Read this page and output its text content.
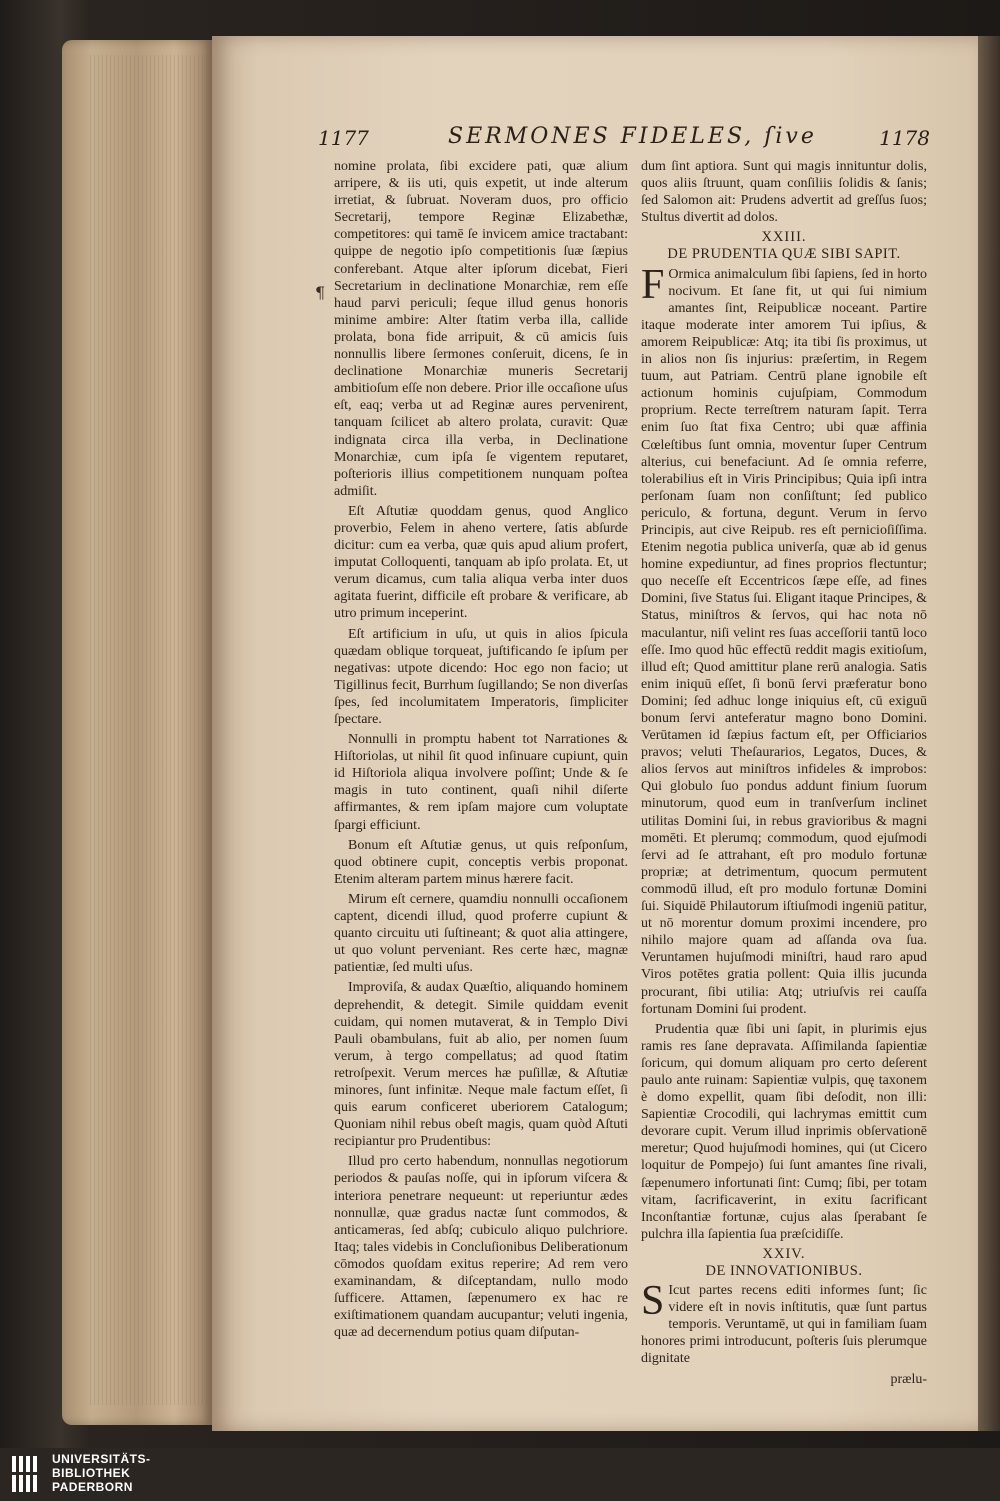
1177	SERMONES FIDELES, ſive	1178
¶

nomine prolata, ſibi excidere pati, quæ alium arripere, & iis uti, quis expetit, ut inde alterum irretiat, & ſubruat. Noveram duos, pro officio Secretarij, tempore Reginæ Elizabethæ, competitores: qui tamē ſe invicem amice tractabant: quippe de negotio ipſo competitionis ſuæ ſæpius conferebant. Atque alter ipſorum dicebat, Fieri Secretarium in declinatione Monarchiæ, rem eſſe haud parvi periculi; ſeque illud genus honoris minime ambire: Alter ſtatim verba illa, callide prolata, bona fide arripuit, & cū amicis ſuis nonnullis libere ſermones conſeruit, dicens, ſe in declinatione Monarchiæ muneris Secretarij ambitioſum eſſe non debere. Prior ille occaſione uſus eſt, eaq; verba ut ad Reginæ aures pervenirent, tanquam ſcilicet ab altero prolata, curavit: Quæ indignata circa illa verba, in Declinatione Monarchiæ, cum ipſa ſe vigentem reputaret, poſterioris illius competitionem nunquam poſtea admiſit.

Eſt Aſtutiæ quoddam genus, quod Anglico proverbio, Felem in aheno vertere, ſatis abſurde dicitur: cum ea verba, quæ quis apud alium profert, imputat Colloquenti, tanquam ab ipſo prolata. Et, ut verum dicamus, cum talia aliqua verba inter duos agitata fuerint, difficile eſt probare & verificare, ab utro primum inceperint.

Eſt artificium in uſu, ut quis in alios ſpicula quædam oblique torqueat, juſtificando ſe ipſum per negativas: utpote dicendo: Hoc ego non facio; ut Tigillinus fecit, Burrhum ſugillando; Se non diverſas ſpes, ſed incolumitatem Imperatoris, ſimpliciter ſpectare.

Nonnulli in promptu habent tot Narrationes & Hiſtoriolas, ut nihil ſit quod inſinuare cupiunt, quin id Hiſtoriola aliqua involvere poſſint; Unde & ſe magis in tuto continent, quaſi nihil diſerte affirmantes, & rem ipſam majore cum voluptate ſpargi efficiunt.

Bonum eſt Aſtutiæ genus, ut quis reſponſum, quod obtinere cupit, conceptis verbis proponat. Etenim alteram partem minus hærere facit.

Mirum eſt cernere, quamdiu nonnulli occaſionem captent, dicendi illud, quod proferre cupiunt & quanto circuitu uti ſuſtineant; & quot alia attingere, ut quo volunt perveniant. Res certe hæc, magnæ patientiæ, ſed multi uſus.

Improviſa, & audax Quæſtio, aliquando hominem deprehendit, & detegit. Simile quiddam evenit cuidam, qui nomen mutaverat, & in Templo Divi Pauli obambulans, fuit ab alio, per nomen ſuum verum, à tergo compellatus; ad quod ſtatim retroſpexit. Verum merces hæ puſillæ, & Aſtutiæ minores, ſunt infinitæ. Neque male factum eſſet, ſi quis earum conficeret uberiorem Catalogum; Quoniam nihil rebus obeſt magis, quam quòd Aſtuti recipiantur pro Prudentibus:

Illud pro certo habendum, nonnullas negotiorum periodos & pauſas noſſe, qui in ipſorum viſcera & interiora penetrare nequeunt: ut reperiuntur ædes nonnullæ, quæ gradus nactæ ſunt commodos, & anticameras, ſed abſq; cubiculo aliquo pulchriore. Itaq; tales videbis in Concluſionibus Deliberationum cōmodos quoſdam exitus reperire; Ad rem vero examinandam, & diſceptandam, nullo modo ſufficere. Attamen, ſæpenumero ex hac re exiſtimationem quandam aucupantur; veluti ingenia, quæ ad decernendum potius quam diſputan-

dum ſint aptiora. Sunt qui magis innituntur dolis, quos aliis ſtruunt, quam conſiliis ſolidis & ſanis; ſed Salomon ait: Prudens advertit ad greſſus ſuos; Stultus divertit ad dolos.

XXIII.
DE PRUDENTIA QUÆ SIBI SAPIT.

F Ormica animalculum ſibi ſapiens, ſed in horto nocivum. Et ſane fit, ut qui ſui nimium amantes ſint, Reipublicæ noceant. Partire itaque moderate inter amorem Tui ipſius, & amorem Reipublicæ: Atq; ita tibi ſis proximus, ut in alios non ſis injurius: præſertim, in Regem tuum, aut Patriam. Centrū plane ignobile eſt actionum hominis cujuſpiam, Commodum proprium. Recte terreſtrem naturam ſapit. Terra enim ſuo ſtat fixa Centro; ubi quæ affinia Cœleſtibus ſunt omnia, moventur ſuper Centrum alterius, cui benefaciunt. Ad ſe omnia referre, tolerabilius eſt in Viris Principibus; Quia ipſi intra perſonam ſuam non conſiſtunt; ſed publico periculo, & fortuna, degunt. Verum in ſervo Principis, aut cive Reipub. res eſt pernicioſiſſima. Etenim negotia publica univerſa, quæ ab id genus homine expediuntur, ad fines proprios flectuntur; quo neceſſe eſt Eccentricos ſæpe eſſe, ad fines Domini, ſive Status ſui. Eligant itaque Principes, & Status, miniſtros & ſervos, qui hac nota nō maculantur, niſi velint res ſuas acceſſorii tantū loco eſſe. Imo quod hūc effectū reddit magis exitioſum, illud eſt; Quod amittitur plane rerū analogia. Satis enim iniquū eſſet, ſi bonū ſervi præferatur bono Domini; ſed adhuc longe iniquius eſt, cū exiguū bonum ſervi anteferatur magno bono Domini. Verūtamen id ſæpius factum eſt, per Officiarios pravos; veluti Theſaurarios, Legatos, Duces, & alios ſervos aut miniſtros infideles & improbos: Qui globulo ſuo pondus addunt finium ſuorum minutorum, quod eum in tranſverſum inclinet utilitas Domini ſui, in rebus gravioribus & magni momēti. Et plerumq; commodum, quod ejuſmodi ſervi ad ſe attrahant, eſt pro modulo fortunæ propriæ; at detrimentum, quocum permutent commodū illud, eſt pro modulo fortunæ Domini ſui. Siquidē Philautorum iſtiuſmodi ingeniū patitur, ut nō morentur domum proximi incendere, pro nihilo majore quam ad aſſanda ova ſua. Veruntamen hujuſmodi miniſtri, haud raro apud Viros potētes gratia pollent: Quia illis jucunda procurant, ſibi utilia: Atq; utriuſvis rei cauſſa fortunam Domini ſui prodent.

Prudentia quæ ſibi uni ſapit, in plurimis ejus ramis res ſane depravata. Aſſimilanda ſapientiæ ſoricum, qui domum aliquam pro certo deſerent paulo ante ruinam: Sapientiæ vulpis, quę taxonem è domo expellit, quam ſibi deſodit, non illi: Sapientiæ Crocodili, qui lachrymas emittit cum devorare cupit. Verum illud inprimis obſervationē meretur; Quod hujuſmodi homines, qui (ut Cicero loquitur de Pompejo) ſui ſunt amantes ſine rivali, ſæpenumero infortunati ſint: Cumq; ſibi, per totam vitam, ſacrificaverint, in exitu ſacrificant Inconſtantiæ fortunæ, cujus alas ſperabant ſe pulchra illa ſapientia ſua præſcidiſſe.

XXIV.
DE INNOVATIONIBUS.

S Icut partes recens editi informes ſunt; ſic videre eſt in novis inſtitutis, quæ ſunt partus temporis. Veruntamē, ut qui in familiam ſuam honores primi introducunt, poſteris ſuis plerumque dignitate

prælu-

UNIVERSITÄTS-
BIBLIOTHEK
PADERBORN
